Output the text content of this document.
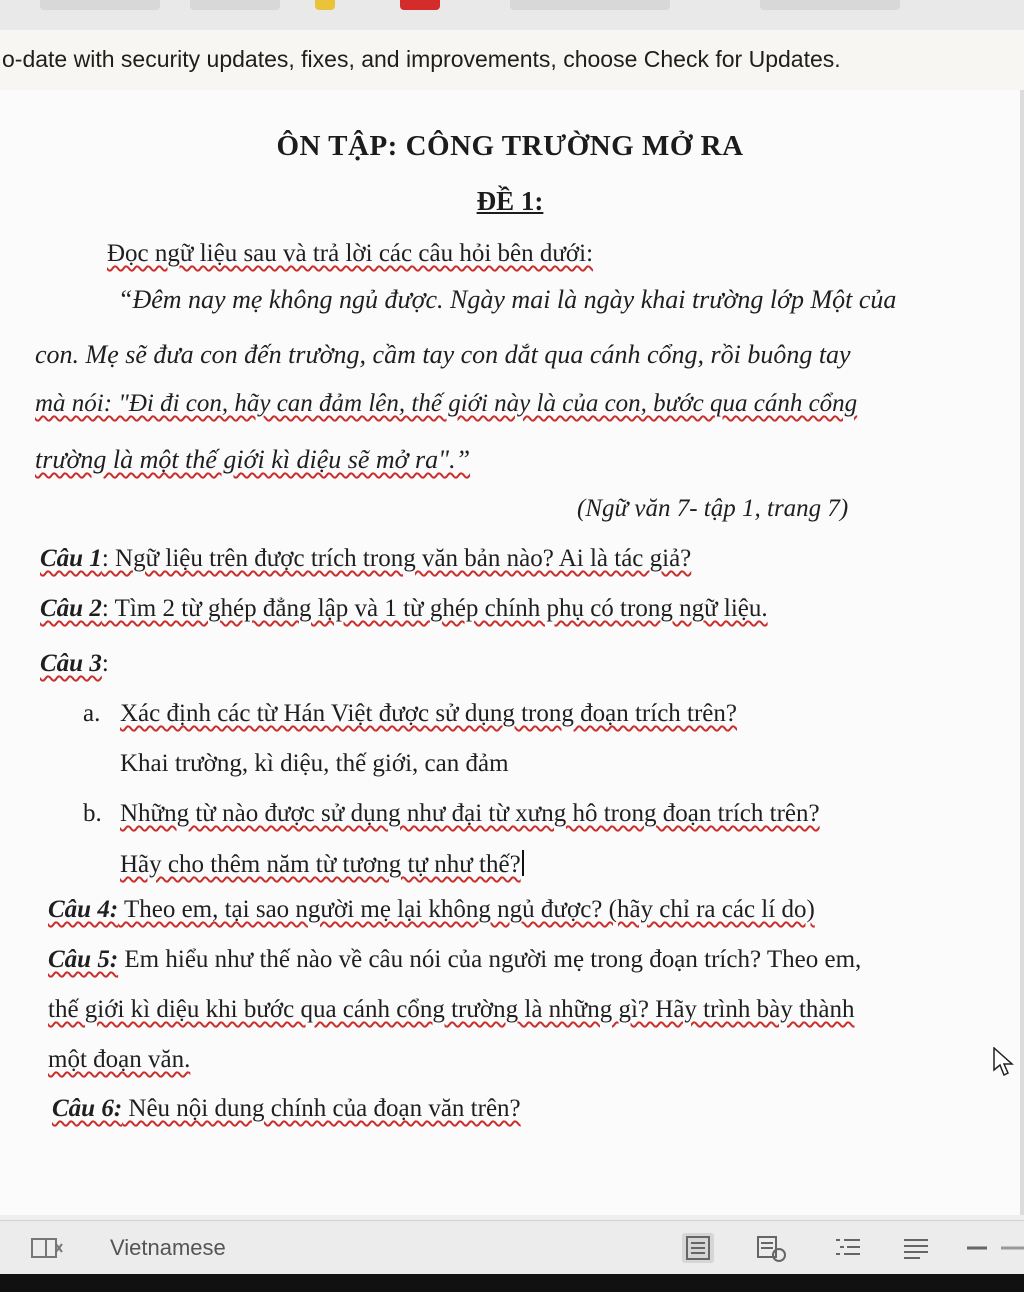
o-date with security updates, fixes, and improvements, choose Check for Updates.
ÔN TẬP: CÔNG TRƯỜNG MỞ RA
ĐỀ 1:
Đọc ngữ liệu sau và trả lời các câu hỏi bên dưới:
“Đêm nay mẹ không ngủ được. Ngày mai là ngày khai trường lớp Một của
con. Mẹ sẽ đưa con đến trường, cầm tay con dắt qua cánh cổng, rồi buông tay
mà nói: "Đi đi con, hãy can đảm lên, thế giới này là của con, bước qua cánh cổng
trường là một thế giới kì diệu sẽ mở ra".”
(Ngữ văn 7- tập 1, trang 7)
Câu 1: Ngữ liệu trên được trích trong văn bản nào? Ai là tác giả?
Câu 2: Tìm 2 từ ghép đẳng lập và 1 từ ghép chính phụ có trong ngữ liệu.
Câu 3:
a. Xác định các từ Hán Việt được sử dụng trong đoạn trích trên?
Khai trường, kì diệu, thế giới, can đảm
b. Những từ nào được sử dụng như đại từ xưng hô trong đoạn trích trên?
Hãy cho thêm năm từ tương tự như thế?
Câu 4: Theo em, tại sao người mẹ lại không ngủ được? (hãy chỉ ra các lí do)
Câu 5: Em hiểu như thế nào về câu nói của người mẹ trong đoạn trích? Theo em,
thế giới kì diệu khi bước qua cánh cổng trường là những gì? Hãy trình bày thành
một đoạn văn.
Câu 6: Nêu nội dung chính của đoạn văn trên?
Vietnamese
